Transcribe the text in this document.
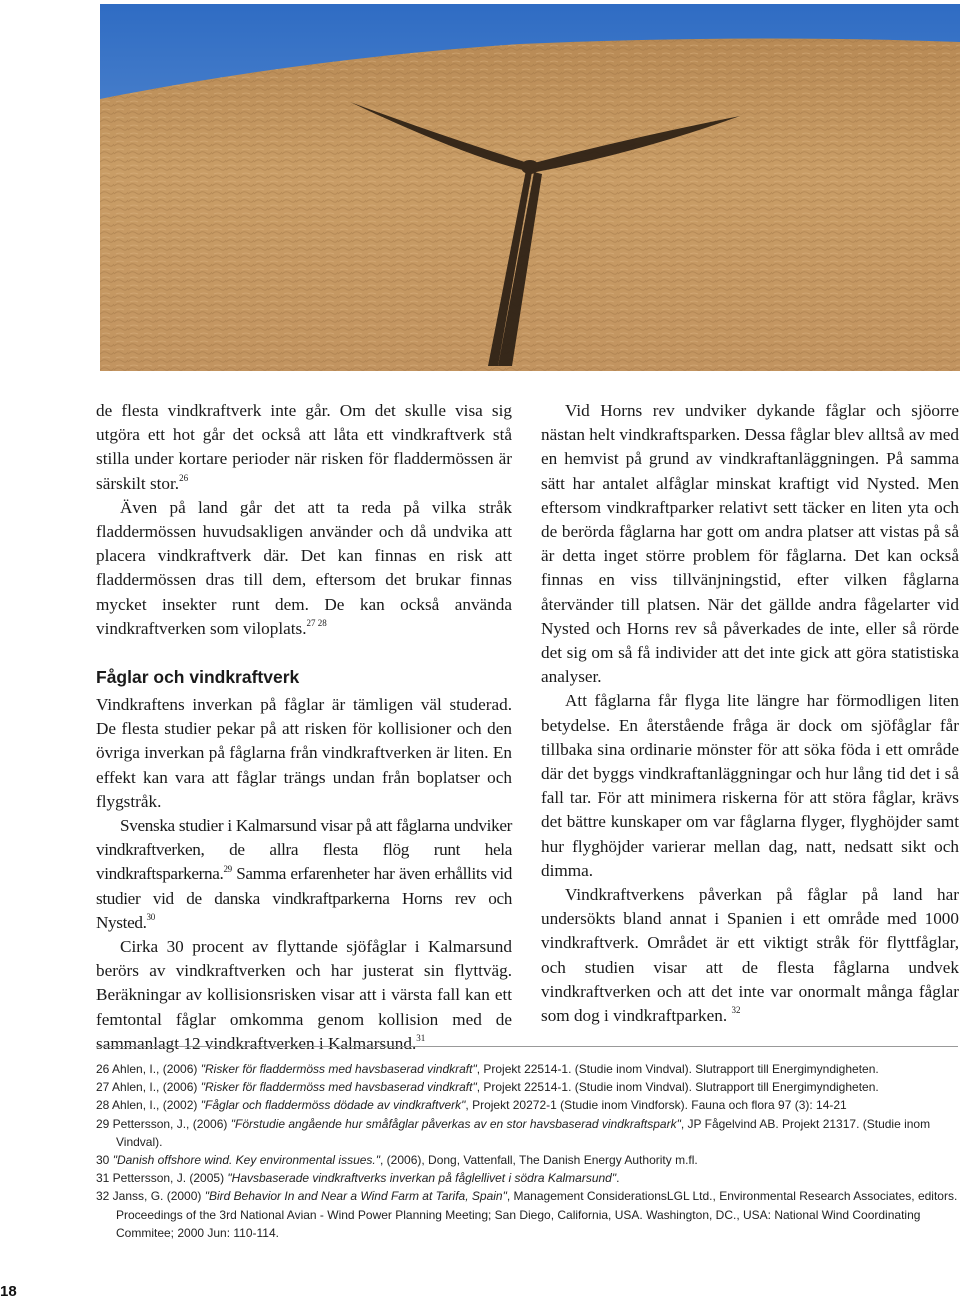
de flesta vindkraftverk inte går. Om det skulle visa sig utgöra ett hot går det också att låta ett vindkraftverk stå stilla under kortare perioder när risken för fladdermössen är särskilt stor.$^{26}$

Även på land går det att ta reda på vilka stråk fladdermössen huvudsakligen använder och då undvika att placera vindkraftverk där. Det kan finnas en risk att fladdermössen dras till dem, eftersom det brukar finnas mycket insekter runt dem. De kan också använda vindkraftverken som viloplats.$^{27 28}$

Fåglar och vindkraftverk

Vindkraftens inverkan på fåglar är tämligen väl studerad. De flesta studier pekar på att risken för kollisioner och den övriga inverkan på fåglarna från vindkraftverken är liten. En effekt kan vara att fåglar trängs undan från boplatser och flygstråk.

Svenska studier i Kalmarsund visar på att fåglarna undviker vindkraftverken, de allra flesta flög runt hela vindkraftsparkerna.$^{29}$ Samma erfarenheter har även erhållits vid studier vid de danska vindkraftparkerna Horns rev och Nysted.$^{30}$

Cirka 30 procent av flyttande sjöfåglar i Kalmarsund berörs av vindkraftverken och har justerat sin flyttväg. Beräkningar av kollisionsrisken visar att i värsta fall kan ett femtontal fåglar omkomma genom kollision med de sammanlagt 12 vindkraftverken i Kalmarsund.$^{31}$

Vid Horns rev undviker dykande fåglar och sjöorre nästan helt vindkraftsparken. Dessa fåglar blev alltså av med en hemvist på grund av vindkraftanläggningen. På samma sätt har antalet alfåglar minskat kraftigt vid Nysted. Men eftersom vindkraftparker relativt sett täcker en liten yta och de berörda fåglarna har gott om andra platser att vistas på så är detta inget större problem för fåglarna. Det kan också finnas en viss tillvänjningstid, efter vilken fåglarna återvänder till platsen. När det gällde andra fågelarter vid Nysted och Horns rev så påverkades de inte, eller så rörde det sig om så få individer att det inte gick att göra statistiska analyser.

Att fåglarna får flyga lite längre har förmodligen liten betydelse. En återstående fråga är dock om sjöfåglar får tillbaka sina ordinarie mönster för att söka föda i ett område där det byggs vindkraftanläggningar och hur lång tid det i så fall tar. För att minimera riskerna för att störa fåglar, krävs det bättre kunskaper om var fåglarna flyger, flyghöjder samt hur flyghöjder varierar mellan dag, natt, nedsatt sikt och dimma.

Vindkraftverkens påverkan på fåglar på land har undersökts bland annat i Spanien i ett område med 1000 vindkraftverk. Området är ett viktigt stråk för flyttfåglar, och studien visar att de flesta fåglarna undvek vindkraftverken och att det inte var onormalt många fåglar som dog i vindkraftparken. $^{32}$

26 Ahlen, I., (2006) "Risker för fladdermöss med havsbaserad vindkraft", Projekt 22514-1. (Studie inom Vindval). Slutrapport till Energimyndigheten.

27 Ahlen, I., (2006) "Risker för fladdermöss med havsbaserad vindkraft", Projekt 22514-1. (Studie inom Vindval). Slutrapport till Energimyndigheten.

28 Ahlen, I., (2002) "Fåglar och fladdermöss dödade av vindkraftverk", Projekt 20272-1 (Studie inom Vindforsk). Fauna och flora 97 (3): 14-21

29 Pettersson, J., (2006) "Förstudie angående hur småfåglar påverkas av en stor havsbaserad vindkraftspark", JP Fågelvind AB. Projekt 21317. (Studie inom Vindval).

30 "Danish offshore wind. Key environmental issues.", (2006), Dong, Vattenfall, The Danish Energy Authority m.fl.

31 Pettersson, J. (2005) "Havsbaserade vindkraftverks inverkan på fåglellivet i södra Kalmarsund".

32 Janss, G. (2000) "Bird Behavior In and Near a Wind Farm at Tarifa, Spain", Management ConsiderationsLGL Ltd., Environmental Research Associates, editors. Proceedings of the 3rd National Avian - Wind Power Planning Meeting; San Diego, California, USA. Washington, DC., USA: National Wind Coordinating Commitee; 2000 Jun: 110-114.

18
